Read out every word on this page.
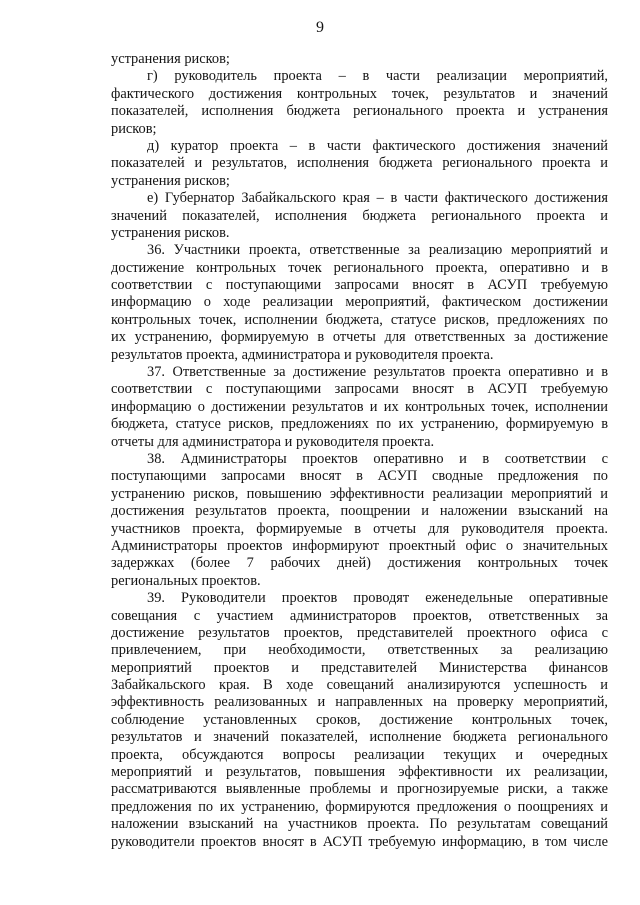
9
устранения рисков;
г) руководитель проекта – в части реализации мероприятий,
фактического достижения контрольных точек, результатов и значений
показателей, исполнения бюджета регионального проекта и устранения
рисков;
д) куратор проекта – в части фактического достижения значений
показателей и результатов, исполнения бюджета регионального проекта и
устранения рисков;
е) Губернатор Забайкальского края – в части фактического достижения
значений показателей, исполнения бюджета регионального проекта и
устранения рисков.
36. Участники проекта, ответственные за реализацию мероприятий и
достижение контрольных точек регионального проекта, оперативно и в
соответствии с поступающими запросами вносят в АСУП требуемую
информацию о ходе реализации мероприятий, фактическом достижении
контрольных точек, исполнении бюджета, статусе рисков, предложениях по
их устранению, формируемую в отчеты для ответственных за достижение
результатов проекта, администратора и руководителя проекта.
37. Ответственные за достижение результатов проекта оперативно и в
соответствии с поступающими запросами вносят в АСУП требуемую
информацию о достижении результатов и их контрольных точек, исполнении
бюджета, статусе рисков, предложениях по их устранению, формируемую в
отчеты для администратора и руководителя проекта.
38. Администраторы проектов оперативно и в соответствии с
поступающими запросами вносят в АСУП сводные предложения по
устранению рисков, повышению эффективности реализации мероприятий и
достижения результатов проекта, поощрении и наложении взысканий на
участников проекта, формируемые в отчеты для руководителя проекта.
Администраторы проектов информируют проектный офис о значительных
задержках (более 7 рабочих дней) достижения контрольных точек
региональных проектов.
39. Руководители проектов проводят еженедельные оперативные
совещания с участием администраторов проектов, ответственных за
достижение результатов проектов, представителей проектного офиса с
привлечением, при необходимости, ответственных за реализацию
мероприятий проектов и представителей Министерства финансов
Забайкальского края. В ходе совещаний анализируются успешность и
эффективность реализованных и направленных на проверку мероприятий,
соблюдение установленных сроков, достижение контрольных точек,
результатов и значений показателей, исполнение бюджета регионального
проекта, обсуждаются вопросы реализации текущих и очередных
мероприятий и результатов, повышения эффективности их реализации,
рассматриваются выявленные проблемы и прогнозируемые риски, а также
предложения по их устранению, формируются предложения о поощрениях и
наложении взысканий на участников проекта. По результатам совещаний
руководители проектов вносят в АСУП требуемую информацию, в том числе
